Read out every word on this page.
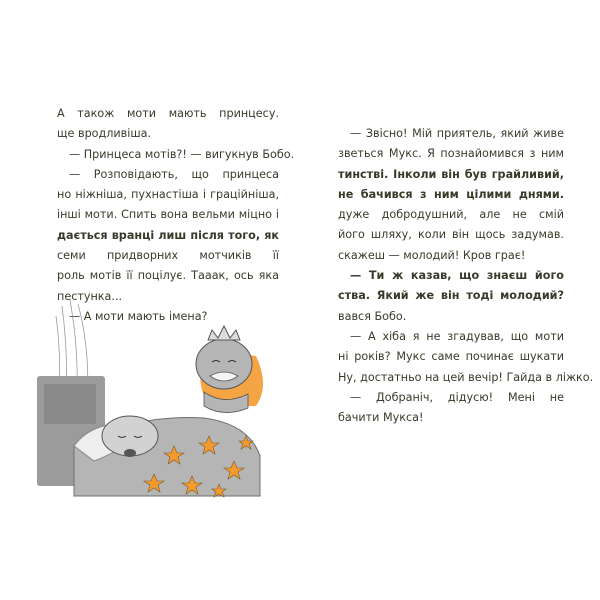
А також моти мають принцесу.
ще вродливіша.
— Принцеса мотів?! — вигукнув Бобо.
— Розповідають, що принцеса
но ніжніша, пухнастіша і граційніша,
інші моти. Спить вона вельми міцно і
дається вранці лиш після того, як
семи придворних мотчиків її
роль мотів її поцілує. Тааак, ось яка
пестунка...
— А моти мають імена?
— Звісно! Мій приятель, який живе
зветься Мукс. Я познайомився з ним
тинстві. Інколи він був грайливий,
не бачився з ним цілими днями.
дуже добродушний, але не смій
його шляху, коли він щось задумав.
скажеш — молодий! Кров грає!
— Ти ж казав, що знаєш його
ства. Який же він тоді молодий?
вався Бобо.
— А хіба я не згадував, що моти
ні років? Мукс саме починає шукати
Ну, достатньо на цей вечір! Гайда в ліжко.
— Добраніч, дідусю! Мені не
бачити Мукса!
